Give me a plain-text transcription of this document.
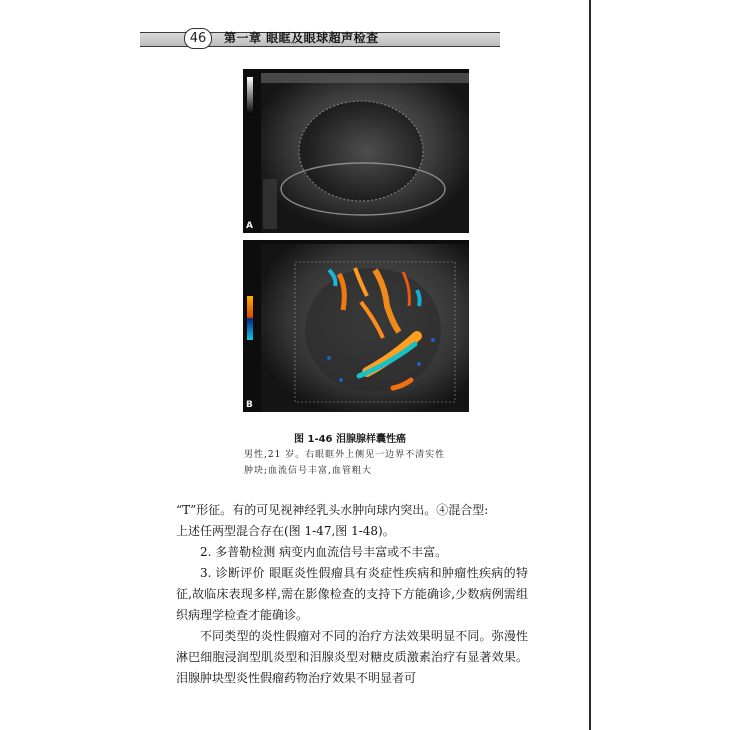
46	第一章 眼眶及眼球超声检查
A
B
图 1-46 泪腺腺样囊性癌
男性,21 岁。右眼眶外上侧见一边界不清实性
肿块;血流信号丰富,血管粗大

“T”形征。有的可见视神经乳头水肿向球内突出。④混合型:

上述任两型混合存在(图 1-47,图 1-48)。

2. 多普勒检测 病变内血流信号丰富或不丰富。

3. 诊断评价 眼眶炎性假瘤具有炎症性疾病和肿瘤性疾病的特征,故临床表现多样,需在影像检查的支持下方能确诊,少数病例需组织病理学检查才能确诊。

不同类型的炎性假瘤对不同的治疗方法效果明显不同。弥漫性淋巴细胞浸润型肌炎型和泪腺炎型对糖皮质激素治疗有显著效果。泪腺肿块型炎性假瘤药物治疗效果不明显者可
